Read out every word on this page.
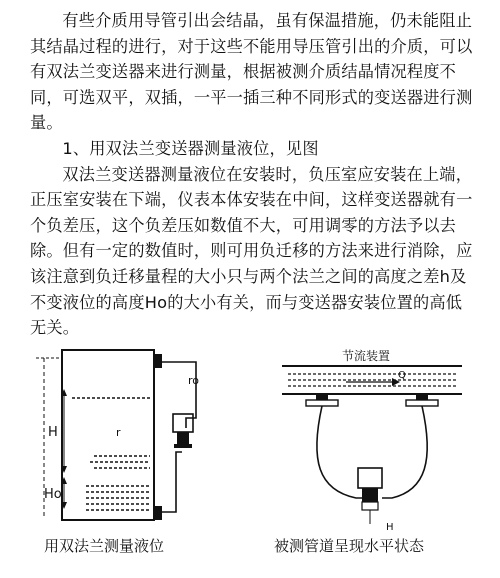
有些介质用导管引出会结晶，虽有保温措施，仍未能阻止其结晶过程的进行，对于这些不能用导压管引出的介质，可以有双法兰变送器来进行测量，根据被测介质结晶情况程度不同，可选双平，双插，一平一插三种不同形式的变送器进行测量。

1、用双法兰变送器测量液位，见图

双法兰变送器测量液位在安装时，负压室应安装在上端，正压室安装在下端，仪表本体安装在中间，这样变送器就有一个负差压，这个负差压如数值不大，可用调零的方法予以去除。但有一定的数值时，则可用负迁移的方法来进行消除，应该注意到负迁移量程的大小只与两个法兰之间的高度之差h及不变液位的高度Ho的大小有关，而与变送器安装位置的高低无关。

ro
H	r
Ho
节流装置
Q
H
用双法兰测量液位	被测管道呈现水平状态
